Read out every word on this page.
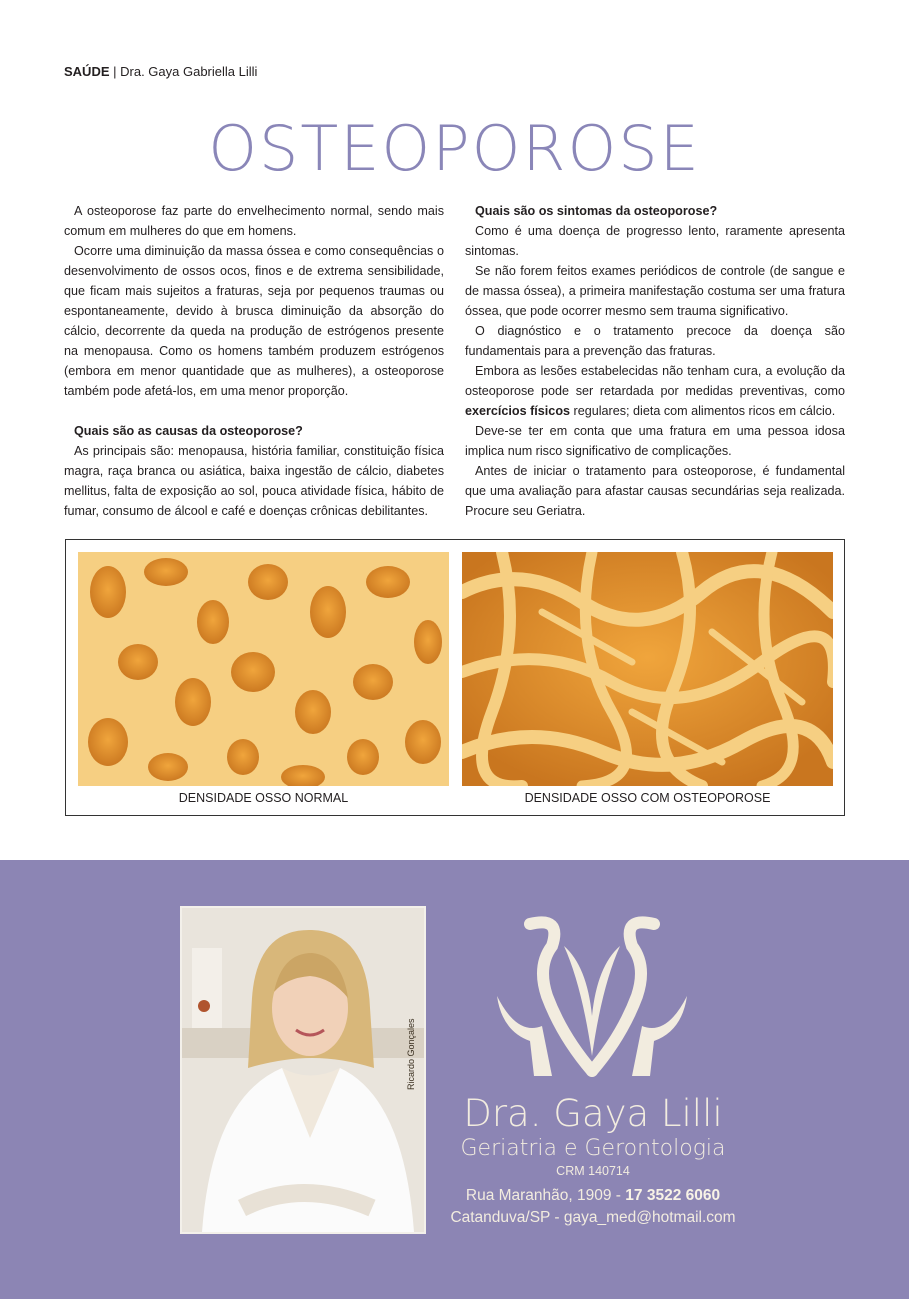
SAÚDE | Dra. Gaya Gabriella Lilli
OSTEOPOROSE

A osteoporose faz parte do envelhecimento normal, sendo mais comum em mulheres do que em homens.

Ocorre uma diminuição da massa óssea e como consequências o desenvolvimento de ossos ocos, finos e de extrema sensibilidade, que ficam mais sujeitos a fraturas, seja por pequenos traumas ou espontaneamente, devido à brusca diminuição da absorção do cálcio, decorrente da queda na produção de estrógenos presente na menopausa. Como os homens também produzem estrógenos (embora em menor quantidade que as mulheres), a osteoporose também pode afetá-los, em uma menor proporção.

Quais são as causas da osteoporose?

As principais são: menopausa, história familiar, constituição física magra, raça branca ou asiática, baixa ingestão de cálcio, diabetes mellitus, falta de exposição ao sol, pouca atividade física, hábito de fumar, consumo de álcool e café e doenças crônicas debilitantes.

Quais são os sintomas da osteoporose?

Como é uma doença de progresso lento, raramente apresenta sintomas.

Se não forem feitos exames periódicos de controle (de sangue e de massa óssea), a primeira manifestação costuma ser uma fratura óssea, que pode ocorrer mesmo sem trauma significativo.

O diagnóstico e o tratamento precoce da doença são fundamentais para a prevenção das fraturas.

Embora as lesões estabelecidas não tenham cura, a evolução da osteoporose pode ser retardada por medidas preventivas, como exercícios físicos regulares; dieta com alimentos ricos em cálcio.

Deve-se ter em conta que uma fratura em uma pessoa idosa implica num risco significativo de complicações.

Antes de iniciar o tratamento para osteoporose, é fundamental que uma avaliação para afastar causas secundárias seja realizada. Procure seu Geriatra.

DENSIDADE OSSO NORMAL	DENSIDADE OSSO COM OSTEOPOROSE
Ricardo Gonçales
Dra. Gaya Lilli
Geriatria e Gerontologia
CRM 140714
Rua Maranhão, 1909 - 17 3522 6060
Catanduva/SP - gaya_med@hotmail.com
